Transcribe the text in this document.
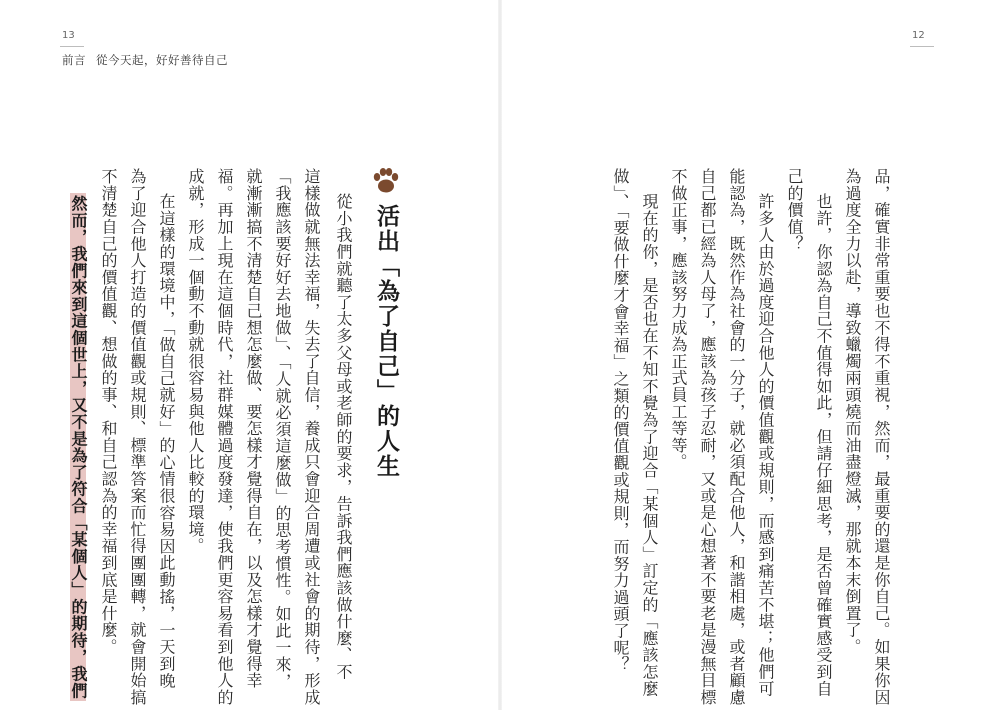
13
前言 從今天起，好好善待自己
活出「為了自己」的人生
從小我們就聽了太多父母或老師的要求，告訴我們應該做什麼、不
這樣做就無法幸福，失去了自信，養成只會迎合周遭或社會的期待，形成
「我應該要好好去地做」、「人就必須這麼做」的思考慣性。如此一來，
就漸漸搞不清楚自己想怎麼做、要怎樣才覺得自在，以及怎樣才覺得幸
福。再加上現在這個時代，社群媒體過度發達，使我們更容易看到他人的
成就，形成一個動不動就很容易與他人比較的環境。
在這樣的環境中，「做自己就好」的心情很容易因此動搖，一天到晚
為了迎合他人打造的價值觀或規則、標準答案而忙得團團轉，就會開始搞
不清楚自己的價值觀、想做的事、和自己認為的幸福到底是什麼。
然而，我們來到這個世上，又不是為了符合「某個人」的期待，我們
12
品，確實非常重要也不得不重視，然而，最重要的還是你自己。如果你因
為過度全力以赴，導致蠟燭兩頭燒而油盡燈滅，那就本末倒置了。
也許，你認為自己不值得如此，但請仔細思考，是否曾確實感受到自
己的價值？
許多人由於過度迎合他人的價值觀或規則，而感到痛苦不堪；他們可
能認為，既然作為社會的一分子，就必須配合他人，和諧相處，或者顧慮
自己都已經為人母了，應該為孩子忍耐，又或是心想著不要老是漫無目標
不做正事，應該努力成為正式員工等等。
現在的你，是否也在不知不覺為了迎合「某個人」訂定的「應該怎麼
做」、「要做什麼才會幸福」之類的價值觀或規則，而努力過頭了呢？
